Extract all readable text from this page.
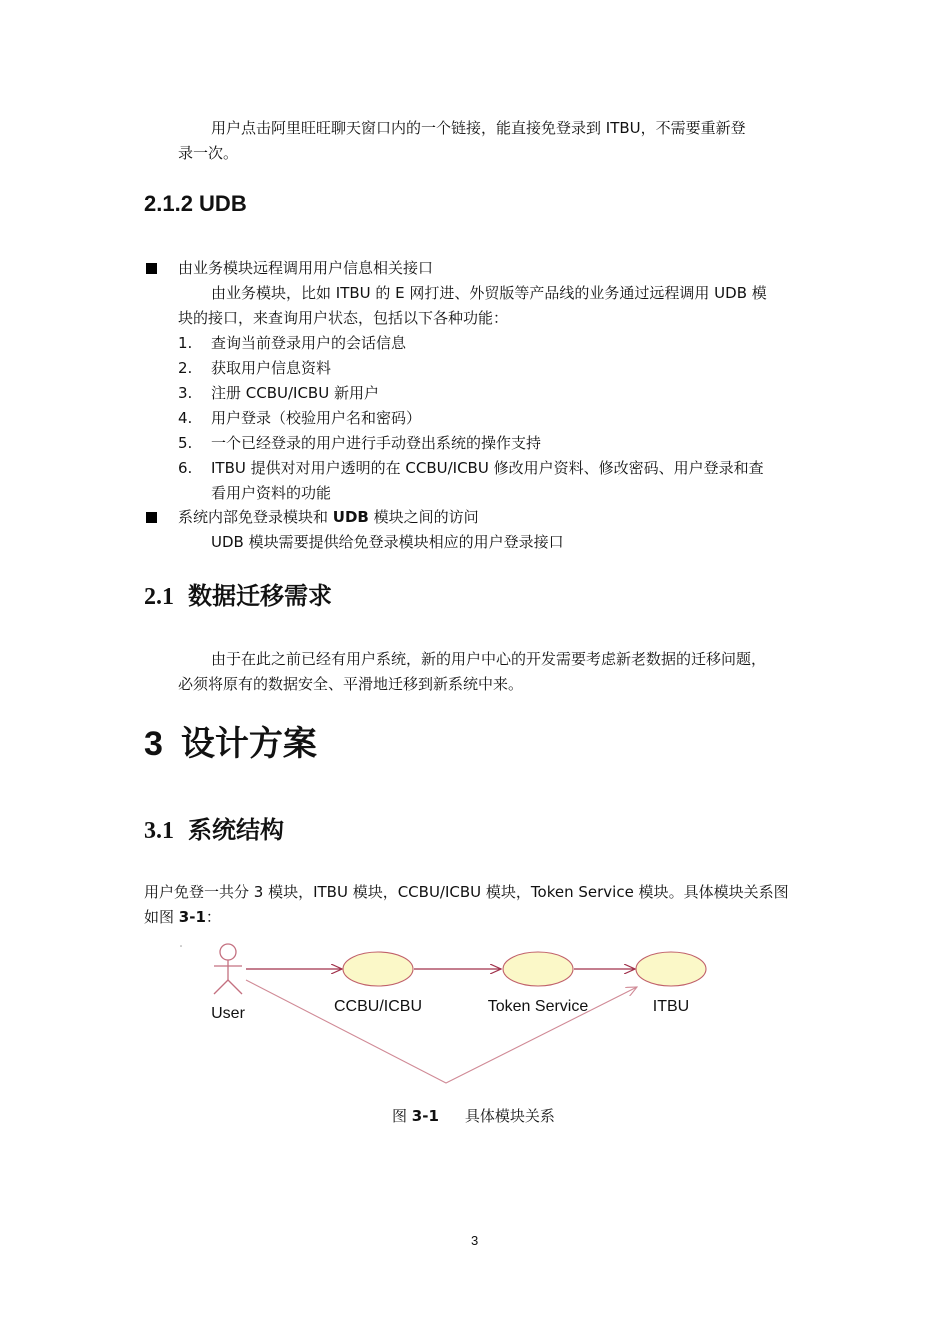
用户点击阿里旺旺聊天窗口内的一个链接，能直接免登录到 ITBU，不需要重新登

录一次。

2.1.2 UDB

由业务模块远程调用用户信息相关接口

由业务模块，比如 ITBU 的 E 网打进、外贸版等产品线的业务通过远程调用 UDB 模

块的接口，来查询用户状态，包括以下各种功能：

1. 查询当前登录用户的会话信息

2. 获取用户信息资料

3. 注册 CCBU/ICBU 新用户

4. 用户登录（校验用户名和密码）

5. 一个已经登录的用户进行手动登出系统的操作支持

6. ITBU 提供对对用户透明的在 CCBU/ICBU 修改用户资料、修改密码、用户登录和查

看用户资料的功能

系统内部免登录模块和 UDB 模块之间的访问

UDB 模块需要提供给免登录模块相应的用户登录接口

2.1 数据迁移需求

由于在此之前已经有用户系统，新的用户中心的开发需要考虑新老数据的迁移问题，

必须将原有的数据安全、平滑地迁移到新系统中来。

3 设计方案
3.1 系统结构

用户免登一共分 3 模块，ITBU 模块，CCBU/ICBU 模块，Token Service 模块。具体模块关系图

如图 3-1：

User	CCBU/ICBU	Token Service	ITBU
图 3-1 具体模块关系
3
